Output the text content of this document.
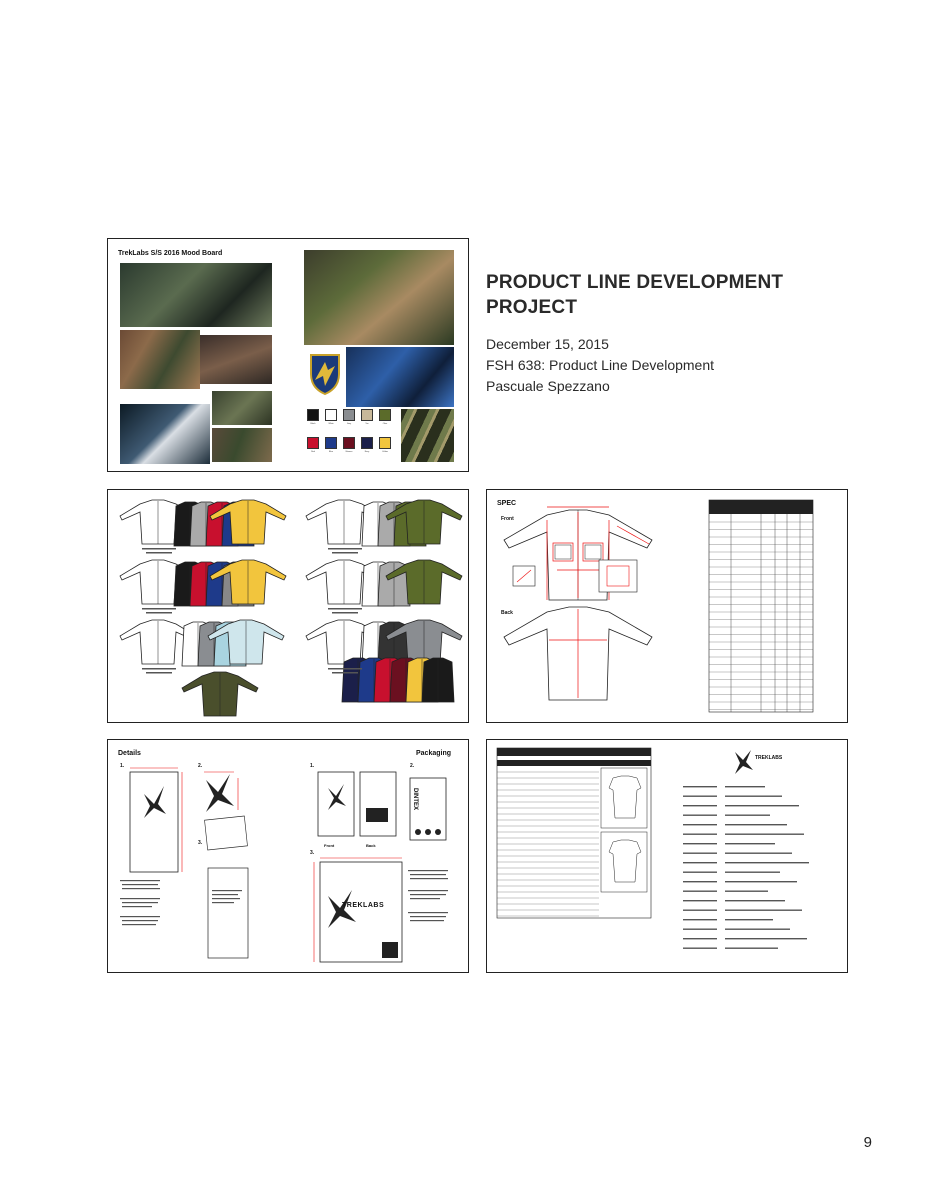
TrekLabs S/S 2016 Mood Board
Black	White	Grey	Tan	Olive
Red	Blue	Maroon	Navy	Yellow
PRODUCT LINE DEVELOPMENT PROJECT
December 15, 2015
FSH 638: Product Line Development
Pascuale Spezzano
SPEC
Front
Back
Details	Packaging
1.	2.
3.
1.	2.
3.
Front	Back
TREKLABS
DINTEX
TREKLABS
9
